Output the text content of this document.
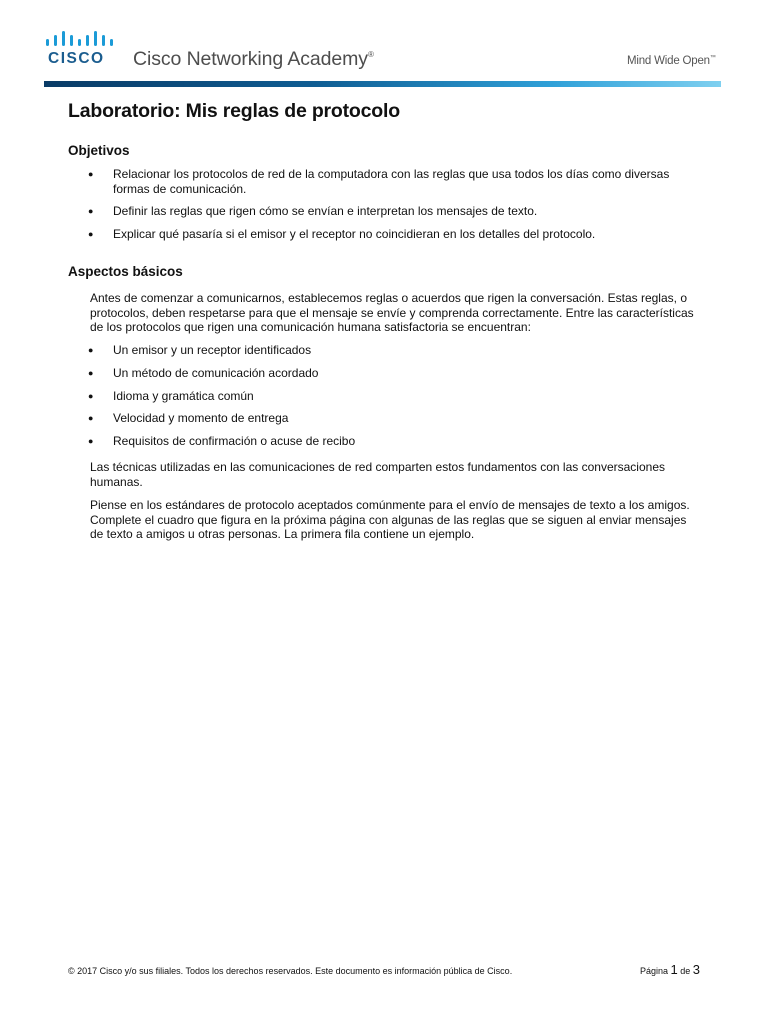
CISCO Cisco Networking Academy®
Mind Wide Open™
Laboratorio: Mis reglas de protocolo
Objetivos
● Relacionar los protocolos de red de la computadora con las reglas que usa todos los días como diversas formas de comunicación.
● Definir las reglas que rigen cómo se envían e interpretan los mensajes de texto.
● Explicar qué pasaría si el emisor y el receptor no coincidieran en los detalles del protocolo.
Aspectos básicos

Antes de comenzar a comunicarnos, establecemos reglas o acuerdos que rigen la conversación. Estas reglas, o protocolos, deben respetarse para que el mensaje se envíe y comprenda correctamente. Entre las características de los protocolos que rigen una comunicación humana satisfactoria se encuentran:

● Un emisor y un receptor identificados
● Un método de comunicación acordado
● Idioma y gramática común
● Velocidad y momento de entrega
● Requisitos de confirmación o acuse de recibo

Las técnicas utilizadas en las comunicaciones de red comparten estos fundamentos con las conversaciones humanas.

Piense en los estándares de protocolo aceptados comúnmente para el envío de mensajes de texto a los amigos. Complete el cuadro que figura en la próxima página con algunas de las reglas que se siguen al enviar mensajes de texto a amigos u otras personas. La primera fila contiene un ejemplo.

© 2017 Cisco y/o sus filiales. Todos los derechos reservados. Este documento es información pública de Cisco.	Página 1 de 3
